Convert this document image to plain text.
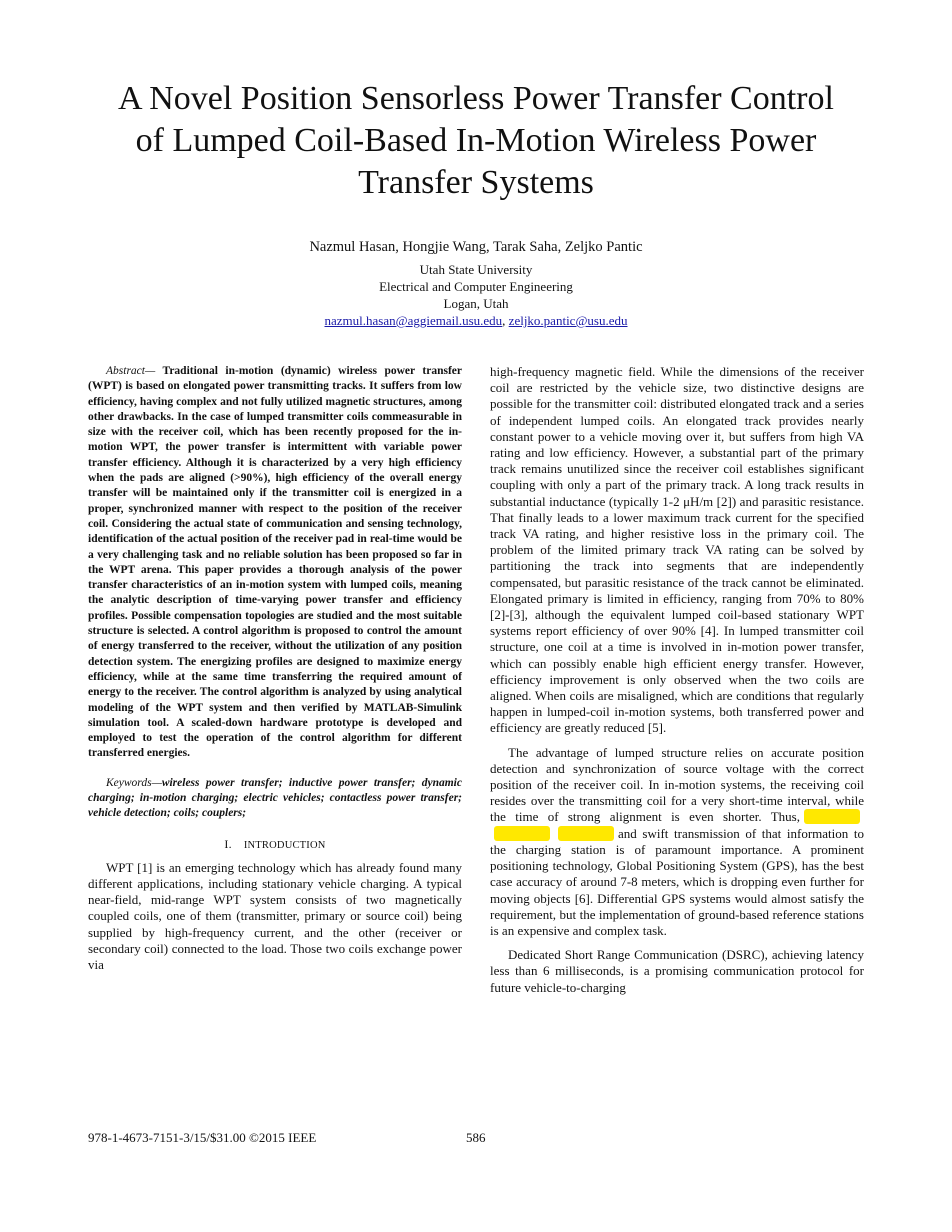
A Novel Position Sensorless Power Transfer Control
of Lumped Coil-Based In-Motion Wireless Power
Transfer Systems
Nazmul Hasan, Hongjie Wang, Tarak Saha, Zeljko Pantic
Utah State University
Electrical and Computer Engineering
Logan, Utah
nazmul.hasan@aggiemail.usu.edu, zeljko.pantic@usu.edu

Abstract— Traditional in-motion (dynamic) wireless power transfer (WPT) is based on elongated power transmitting tracks. It suffers from low efficiency, having complex and not fully utilized magnetic structures, among other drawbacks. In the case of lumped transmitter coils commeasurable in size with the receiver coil, which has been recently proposed for the in-motion WPT, the power transfer is intermittent with variable power transfer efficiency. Although it is characterized by a very high efficiency when the pads are aligned (>90%), high efficiency of the overall energy transfer will be maintained only if the transmitter coil is energized in a proper, synchronized manner with respect to the position of the receiver coil. Considering the actual state of communication and sensing technology, identification of the actual position of the receiver pad in real-time would be a very challenging task and no reliable solution has been proposed so far in the WPT arena. This paper provides a thorough analysis of the power transfer characteristics of an in-motion system with lumped coils, meaning the analytic description of time-varying power transfer and efficiency profiles. Possible compensation topologies are studied and the most suitable structure is selected. A control algorithm is proposed to control the amount of energy transferred to the receiver, without the utilization of any position detection system. The energizing profiles are designed to maximize energy efficiency, while at the same time transferring the required amount of energy to the receiver. The control algorithm is analyzed by using analytical modeling of the WPT system and then verified by MATLAB-Simulink simulation tool. A scaled-down hardware prototype is developed and employed to test the operation of the control algorithm for different transferred energies.

Keywords—wireless power transfer; inductive power transfer; dynamic charging; in-motion charging; electric vehicles; contactless power transfer; vehicle detection; coils; couplers;

I. INTRODUCTION

WPT [1] is an emerging technology which has already found many different applications, including stationary vehicle charging. A typical near-field, mid-range WPT system consists of two magnetically coupled coils, one of them (transmitter, primary or source coil) being supplied by high-frequency current, and the other (receiver or secondary coil) connected to the load. Those two coils exchange power via

high-frequency magnetic field. While the dimensions of the receiver coil are restricted by the vehicle size, two distinctive designs are possible for the transmitter coil: distributed elongated track and a series of independent lumped coils. An elongated track provides nearly constant power to a vehicle moving over it, but suffers from high VA rating and low efficiency. However, a substantial part of the primary track remains unutilized since the receiver coil establishes significant coupling with only a part of the primary track. A long track results in substantial inductance (typically 1-2 μH/m [2]) and parasitic resistance. That finally leads to a lower maximum track current for the specified track VA rating, and higher resistive loss in the primary coil. The problem of the limited primary track VA rating can be solved by partitioning the track into segments that are independently compensated, but parasitic resistance of the track cannot be eliminated. Elongated primary is limited in efficiency, ranging from 70% to 80% [2]-[3], although the equivalent lumped coil-based stationary WPT systems report efficiency of over 90% [4]. In lumped transmitter coil structure, one coil at a time is involved in in-motion power transfer, which can possibly enable high efficient energy transfer. However, efficiency improvement is only observed when the two coils are aligned. When coils are misaligned, which are conditions that regularly happen in lumped-coil in-motion systems, both transferred power and efficiency are greatly reduced [5].

The advantage of lumped structure relies on accurate position detection and synchronization of source voltage with the correct position of the receiver coil. In in-motion systems, the receiving coil resides over the transmitting coil for a very short-time interval, while the time of strong alignment is even shorter. Thus,and swift transmission of that information to the charging station is of paramount importance. A prominent positioning technology, Global Positioning System (GPS), has the best case accuracy of around 7-8 meters, which is dropping even further for moving objects [6]. Differential GPS systems would almost satisfy the requirement, but the implementation of ground-based reference stations is an expensive and complex task.

Dedicated Short Range Communication (DSRC), achieving latency less than 6 milliseconds, is a promising communication protocol for future vehicle-to-charging

978-1-4673-7151-3/15/$31.00 ©2015 IEEE	586
